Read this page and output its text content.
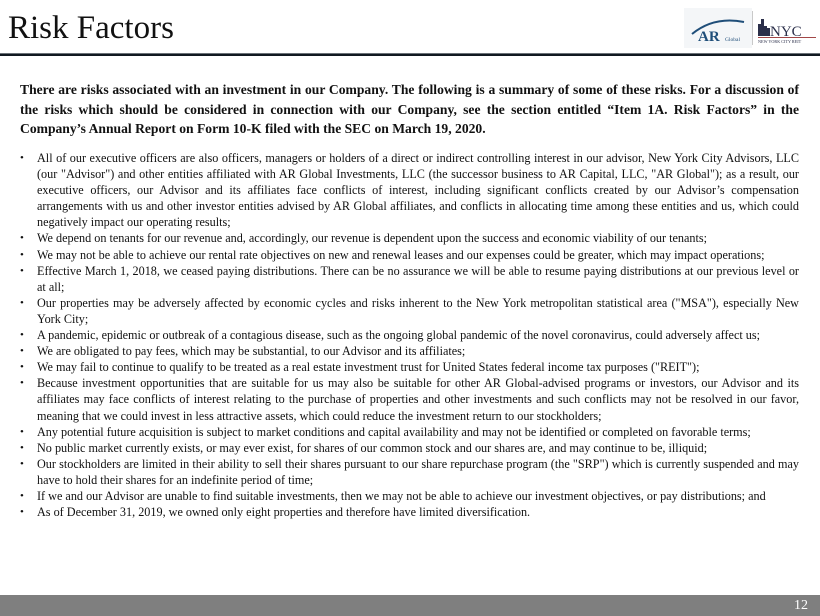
Risk Factors	AR Global NYC
NEW YORK CITY REIT

There are risks associated with an investment in our Company. The following is a summary of some of these risks. For a discussion of the risks which should be considered in connection with our Company, see the section entitled “Item 1A. Risk Factors” in the Company’s Annual Report on Form 10-K filed with the SEC on March 19, 2020.

• All of our executive officers are also officers, managers or holders of a direct or indirect controlling interest in our advisor, New York City Advisors, LLC (our "Advisor") and other entities affiliated with AR Global Investments, LLC (the successor business to AR Capital, LLC, "AR Global"); as a result, our executive officers, our Advisor and its affiliates face conflicts of interest, including significant conflicts created by our Advisor’s compensation arrangements with us and other investor entities advised by AR Global affiliates, and conflicts in allocating time among these entities and us, which could negatively impact our operating results;
• We depend on tenants for our revenue and, accordingly, our revenue is dependent upon the success and economic viability of our tenants;
• We may not be able to achieve our rental rate objectives on new and renewal leases and our expenses could be greater, which may impact operations;
• Effective March 1, 2018, we ceased paying distributions. There can be no assurance we will be able to resume paying distributions at our previous level or at all;
• Our properties may be adversely affected by economic cycles and risks inherent to the New York metropolitan statistical area ("MSA"), especially New York City;
• A pandemic, epidemic or outbreak of a contagious disease, such as the ongoing global pandemic of the novel coronavirus, could adversely affect us;
• We are obligated to pay fees, which may be substantial, to our Advisor and its affiliates;
• We may fail to continue to qualify to be treated as a real estate investment trust for United States federal income tax purposes ("REIT");
• Because investment opportunities that are suitable for us may also be suitable for other AR Global-advised programs or investors, our Advisor and its affiliates may face conflicts of interest relating to the purchase of properties and other investments and such conflicts may not be resolved in our favor, meaning that we could invest in less attractive assets, which could reduce the investment return to our stockholders;
• Any potential future acquisition is subject to market conditions and capital availability and may not be identified or completed on favorable terms;
• No public market currently exists, or may ever exist, for shares of our common stock and our shares are, and may continue to be, illiquid;
• Our stockholders are limited in their ability to sell their shares pursuant to our share repurchase program (the "SRP") which is currently suspended and may have to hold their shares for an indefinite period of time;
• If we and our Advisor are unable to find suitable investments, then we may not be able to achieve our investment objectives, or pay distributions; and
• As of December 31, 2019, we owned only eight properties and therefore have limited diversification.
12
